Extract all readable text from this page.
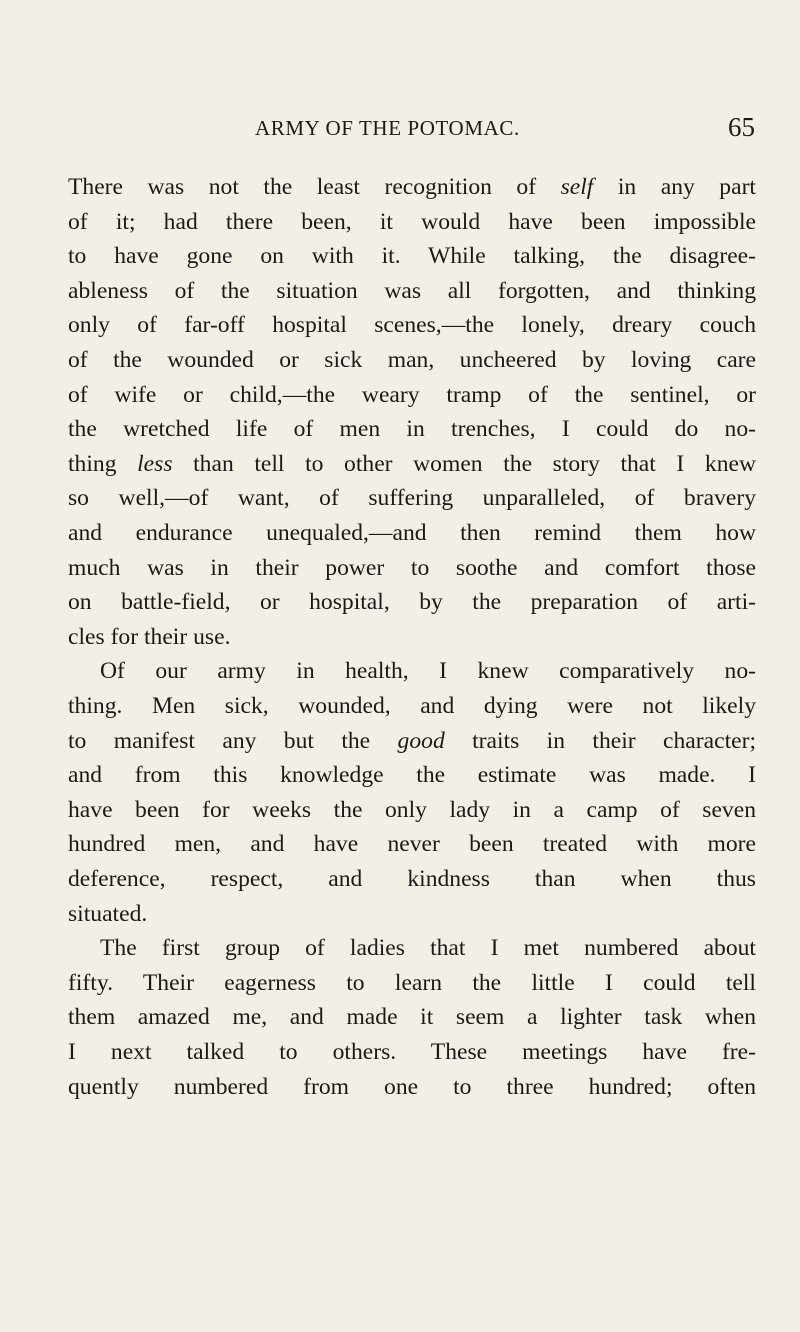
ARMY OF THE POTOMAC.	65
There was not the least recognition of self in any part
of it; had there been, it would have been impossible
to have gone on with it. While talking, the disagree-
ableness of the situation was all forgotten, and thinking
only of far-off hospital scenes,—the lonely, dreary couch
of the wounded or sick man, uncheered by loving care
of wife or child,—the weary tramp of the sentinel, or
the wretched life of men in trenches, I could do no-
thing less than tell to other women the story that I knew
so well,—of want, of suffering unparalleled, of bravery
and endurance unequaled,—and then remind them how
much was in their power to soothe and comfort those
on battle-field, or hospital, by the preparation of arti-
cles for their use.
Of our army in health, I knew comparatively no-
thing. Men sick, wounded, and dying were not likely
to manifest any but the good traits in their character;
and from this knowledge the estimate was made. I
have been for weeks the only lady in a camp of seven
hundred men, and have never been treated with more
deference, respect, and kindness than when thus
situated.
The first group of ladies that I met numbered about
fifty. Their eagerness to learn the little I could tell
them amazed me, and made it seem a lighter task when
I next talked to others. These meetings have fre-
quently numbered from one to three hundred; often
